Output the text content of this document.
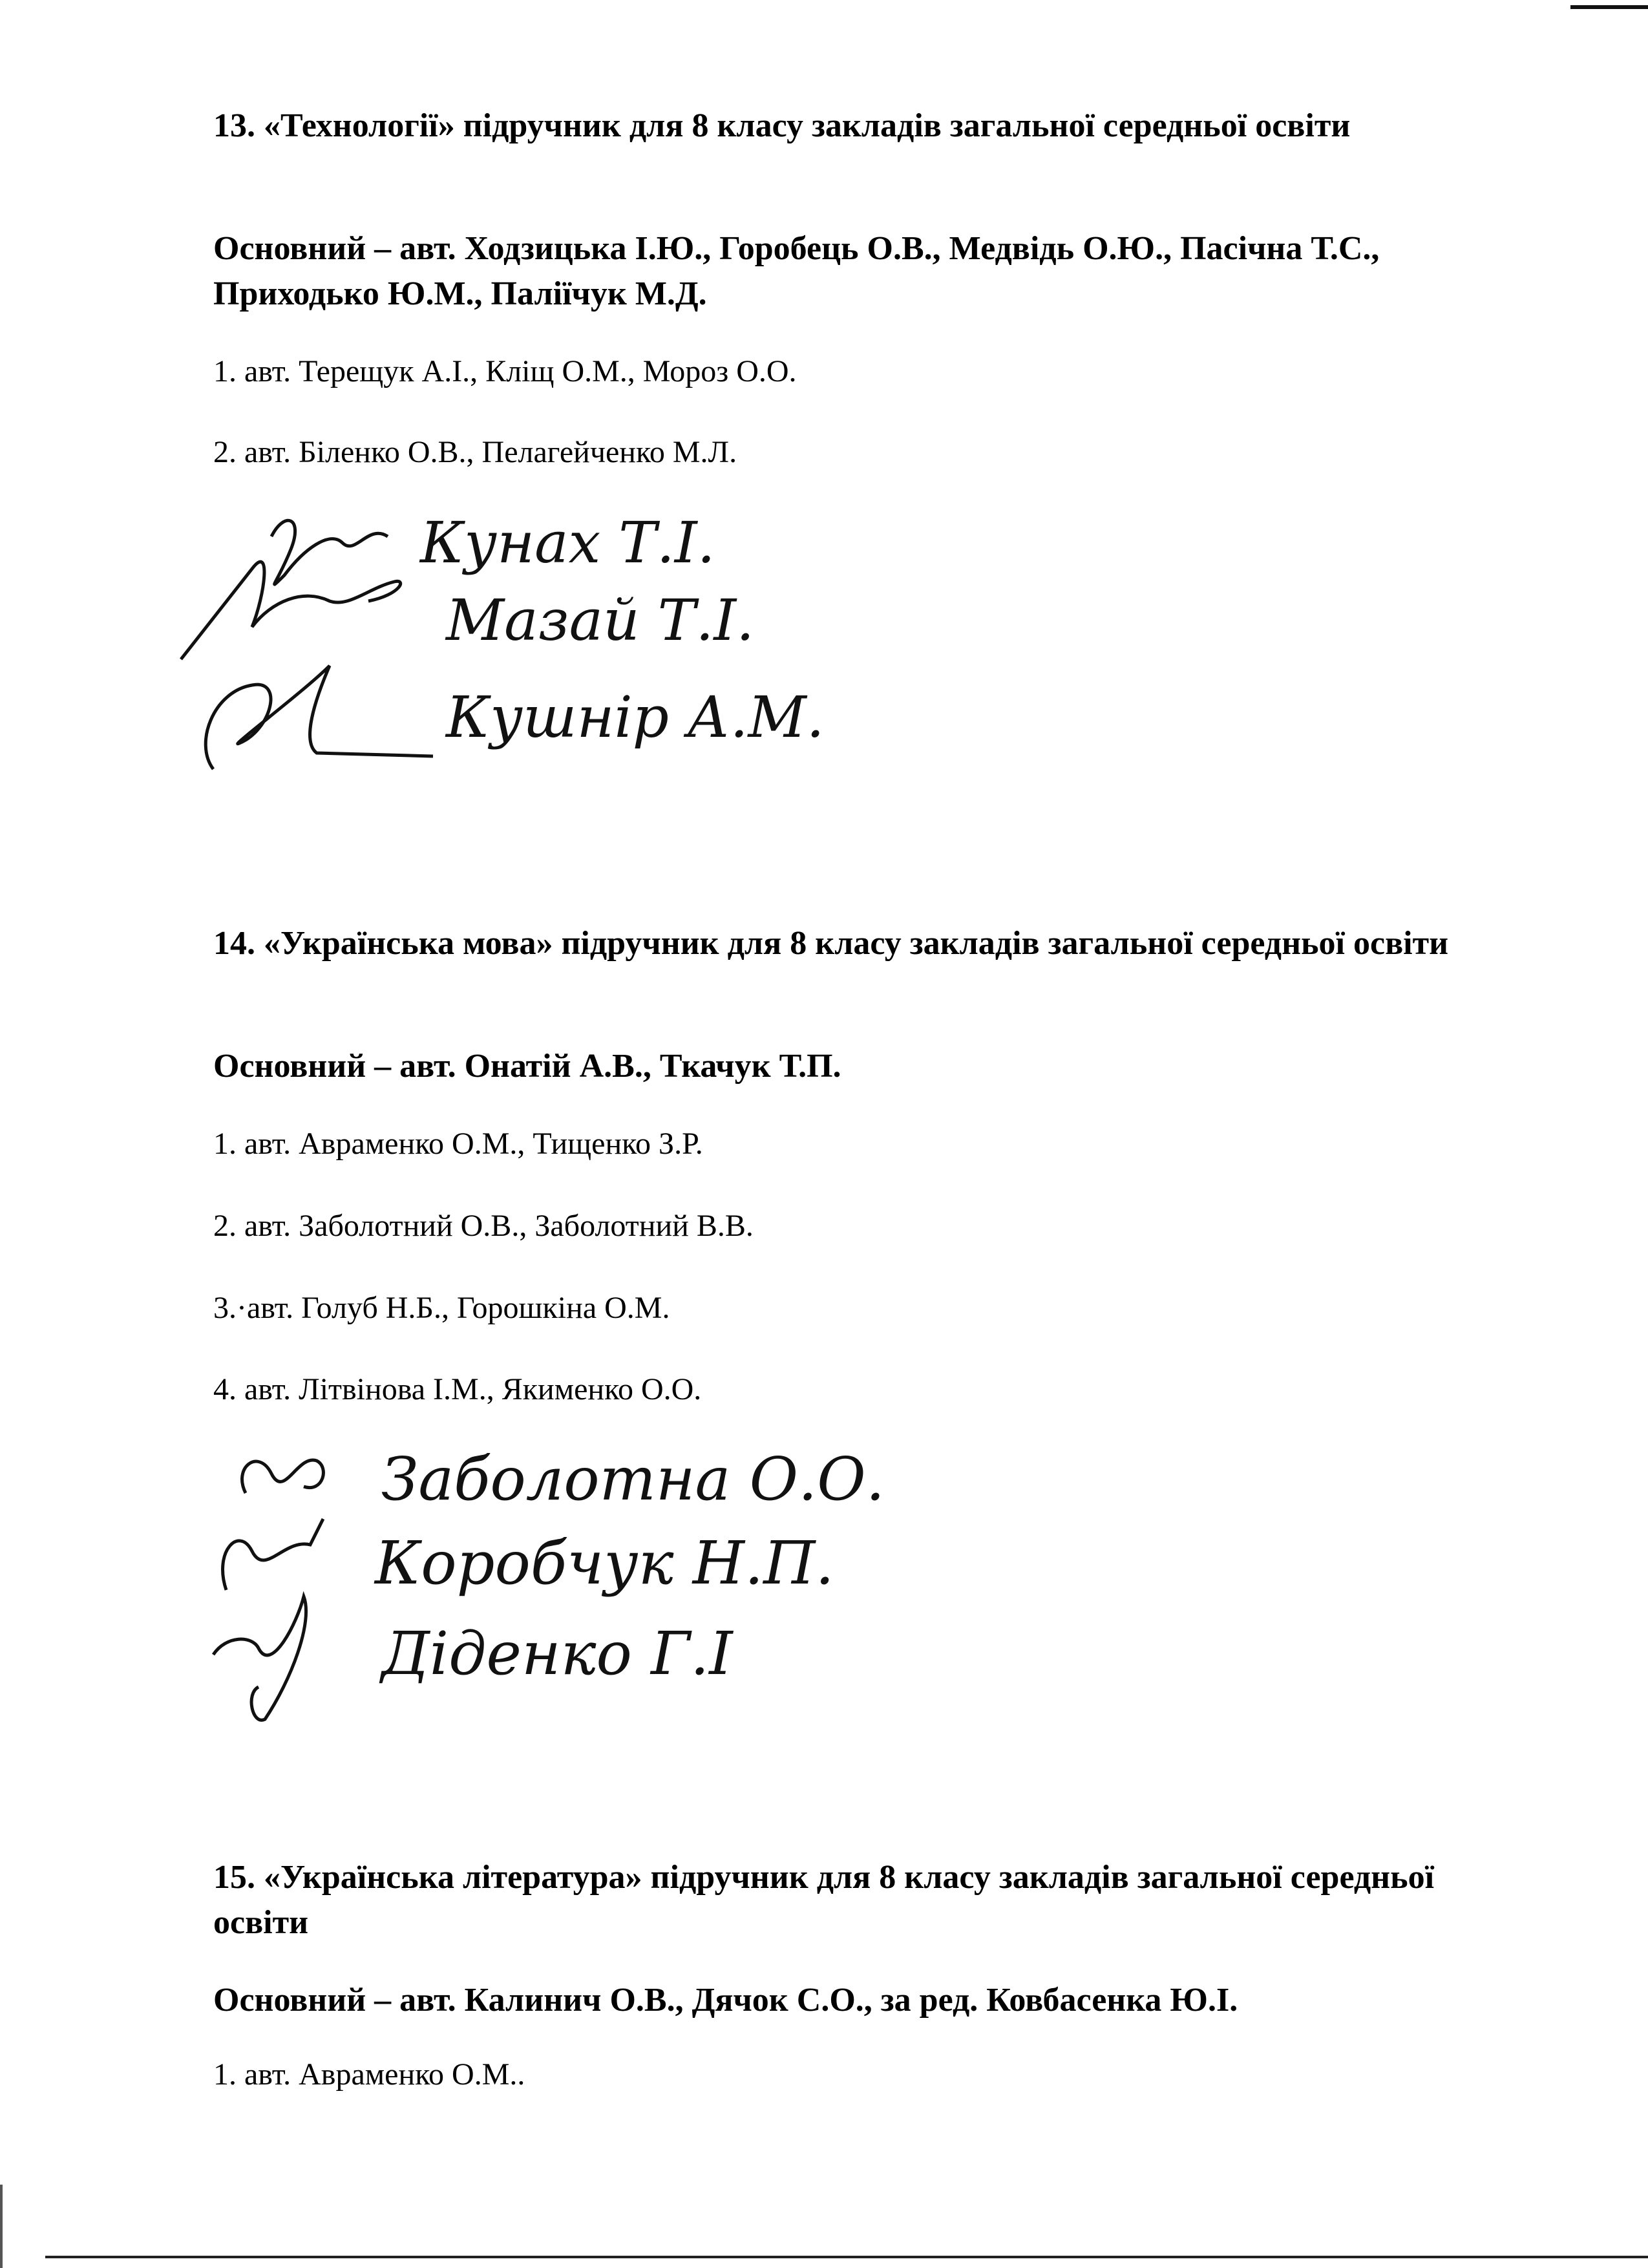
13. «Технології» підручник для 8 класу закладів загальної середньої освіти

Основний – авт. Ходзицька І.Ю., Горобець О.В., Медвідь О.Ю., Пасічна Т.С., Приходько Ю.М., Паліїчук М.Д.

1. авт. Терещук А.І., Кліщ О.М., Мороз О.О.

2. авт. Біленко О.В., Пелагейченко М.Л.

Кунах Т.І.
Мазай Т.І.
Кушнір А.М.

14. «Українська мова» підручник для 8 класу закладів загальної середньої освіти

Основний – авт. Онатій А.В., Ткачук Т.П.

1. авт. Авраменко О.М., Тищенко З.Р.

2. авт. Заболотний О.В., Заболотний В.В.

3.·авт. Голуб Н.Б., Горошкіна О.М.

4. авт. Літвінова І.М., Якименко О.О.

Заболотна О.О.
Коробчук Н.П.
Діденко Г.І

15. «Українська література» підручник для 8 класу закладів загальної середньої освіти

Основний – авт. Калинич О.В., Дячок С.О., за ред. Ковбасенка Ю.І.

1. авт. Авраменко О.М..
